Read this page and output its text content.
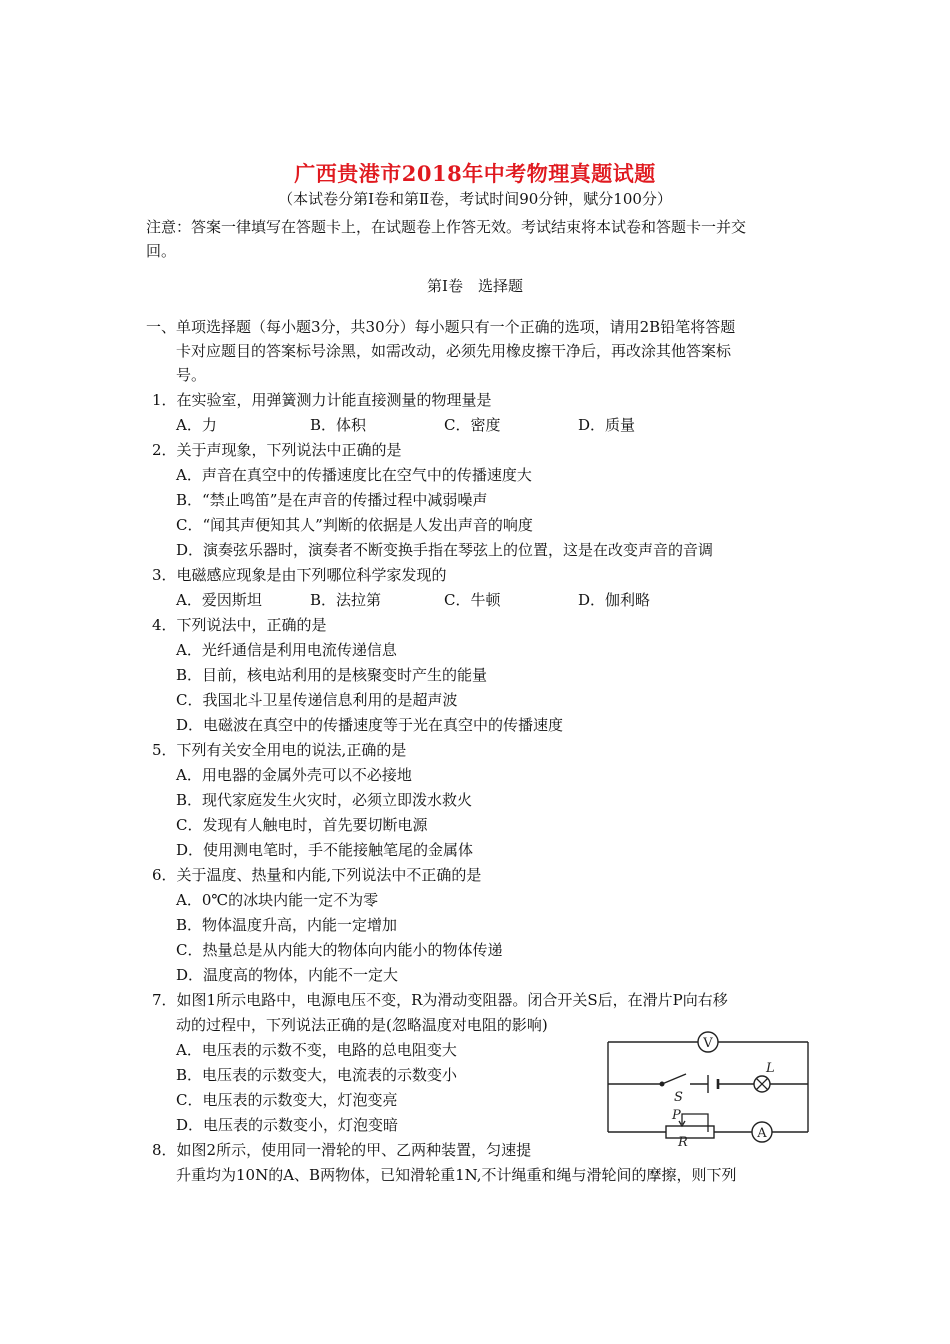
广西贵港市2018年中考物理真题试题
（本试卷分第Ⅰ卷和第Ⅱ卷，考试时间90分钟，赋分100分）
注意：答案一律填写在答题卡上，在试题卷上作答无效。考试结束将本试卷和答题卡一并交
回。
第Ⅰ卷　选择题
一、单项选择题（每小题3分，共30分）每小题只有一个正确的选项，请用2B铅笔将答题
卡对应题目的答案标号涂黑，如需改动，必须先用橡皮擦干净后，再改涂其他答案标
号。
1．在实验室，用弹簧测力计能直接测量的物理量是
A．力	B．体积	C．密度	D．质量
2．关于声现象，下列说法中正确的是
A．声音在真空中的传播速度比在空气中的传播速度大
B．“禁止鸣笛”是在声音的传播过程中减弱噪声
C．“闻其声便知其人”判断的依据是人发出声音的响度
D．演奏弦乐器时，演奏者不断变换手指在琴弦上的位置，这是在改变声音的音调
3．电磁感应现象是由下列哪位科学家发现的
A．爱因斯坦	B．法拉第	C．牛顿	D．伽利略
4．下列说法中，正确的是
A．光纤通信是利用电流传递信息
B．目前，核电站利用的是核聚变时产生的能量
C．我国北斗卫星传递信息利用的是超声波
D．电磁波在真空中的传播速度等于光在真空中的传播速度
5．下列有关安全用电的说法,正确的是
A．用电器的金属外壳可以不必接地
B．现代家庭发生火灾时，必须立即泼水救火
C．发现有人触电时，首先要切断电源
D．使用测电笔时，手不能接触笔尾的金属体
6．关于温度、热量和内能,下列说法中不正确的是
A．0℃的冰块内能一定不为零
B．物体温度升高，内能一定增加
C．热量总是从内能大的物体向内能小的物体传递
D．温度高的物体，内能不一定大
7．如图1所示电路中，电源电压不变，R为滑动变阻器。闭合开关S后，在滑片P向右移
动的过程中，下列说法正确的是(忽略温度对电阻的影响)
A．电压表的示数不变，电路的总电阻变大
B．电压表的示数变大，电流表的示数变小
C．电压表的示数变大，灯泡变亮
D．电压表的示数变小，灯泡变暗
8．如图2所示，使用同一滑轮的甲、乙两种装置，匀速提
升重均为10N的A、B两物体，已知滑轮重1N,不计绳重和绳与滑轮间的摩擦，则下列
V
S
L
P
R
A
